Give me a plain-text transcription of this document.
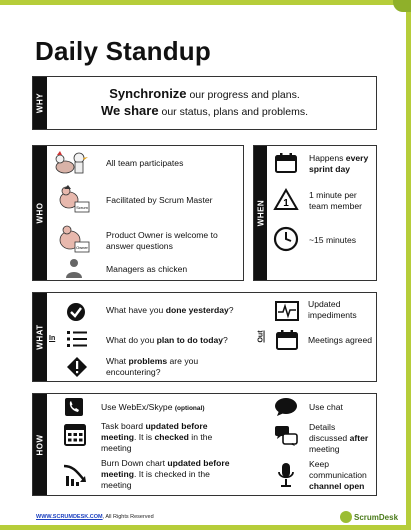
Daily Standup
WHY	Synchronize our progress and plans.
We share our status, plans and problems.
WHO
All team participates
Scrum
Facilitated by Scrum Master
Owner
Product Owner is welcome to answer questions
Managers as chicken
WHEN
Happens every sprint day
1
1 minute per team member
~15 minutes
WHAT In
What have you done yesterday?
What do you plan to do today?
What problems are you encountering?
Out
Updated impediments
Meetings agreed
HOW
Use WebEx/Skype (optional)
Task board updated before meeting. It is checked in the meeting
Burn Down chart updated before meeting. It is checked in the meeting
Use chat
Details discussed after meeting
Keep communication channel open
WWW.SCRUMDESK.COM, All Rights Reserved	ScrumDesk
